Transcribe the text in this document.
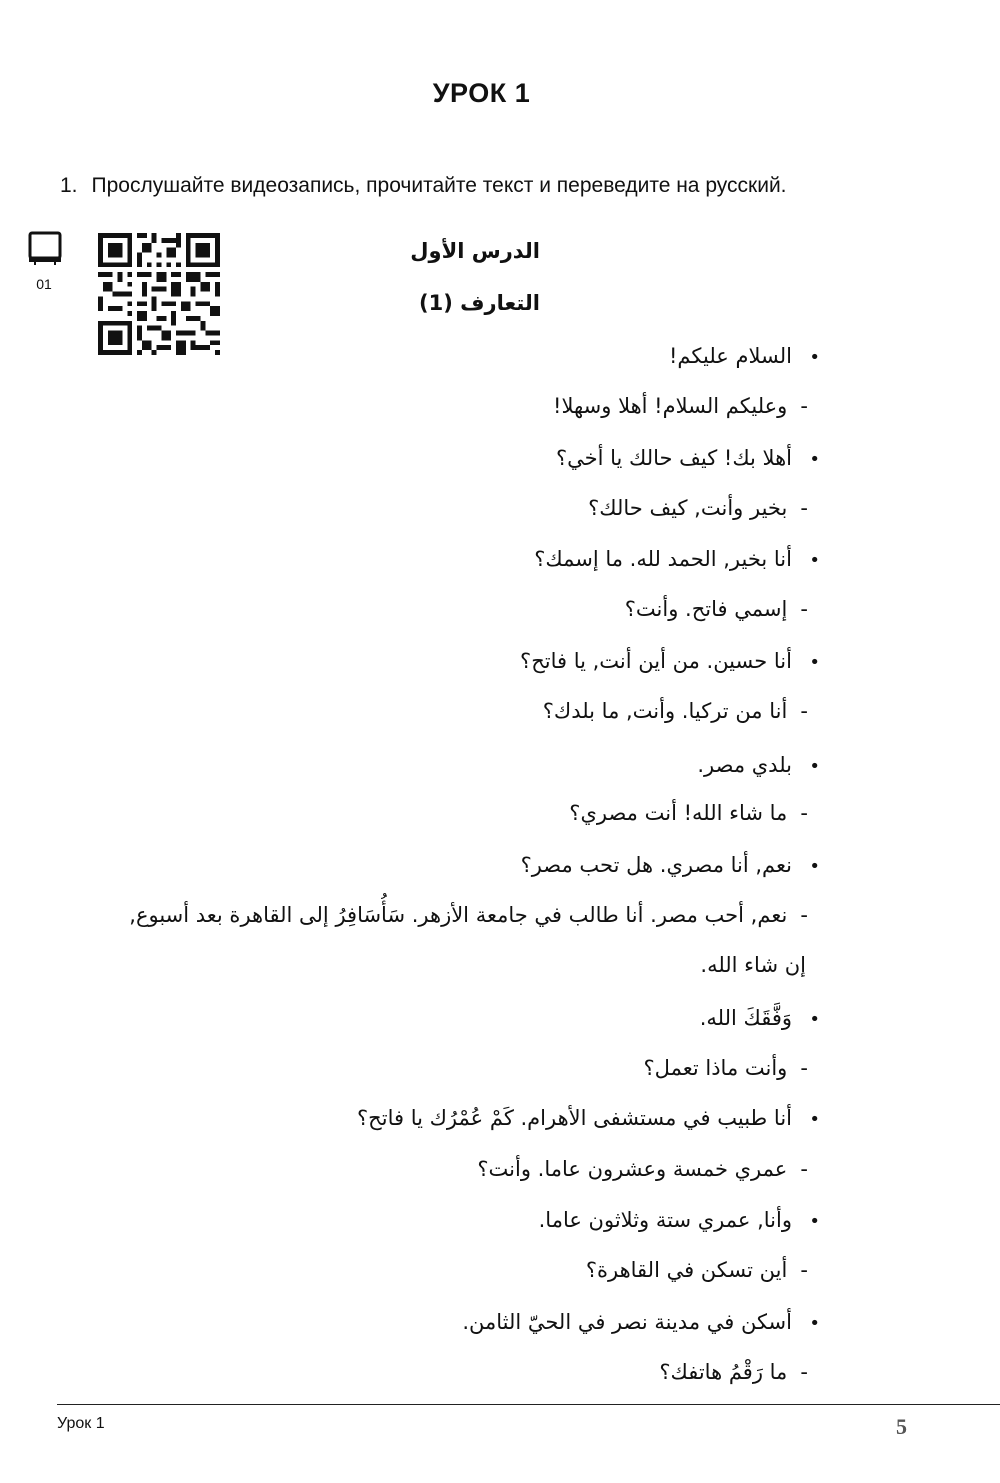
УРОК 1
1. Прослушайте видеозапись, прочитайте текст и переведите на русский.
01
الدرس الأول
التعارف (1)
•السلام عليكم!
- وعليكم السلام! أهلا وسهلا!
•أهلا بك! كيف حالك يا أخي؟
- بخير وأنت, كيف حالك؟
•أنا بخير, الحمد لله. ما إسمك؟
- إسمي فاتح. وأنت؟
•أنا حسين. من أين أنت, يا فاتح؟
- أنا من تركيا. وأنت, ما بلدك؟
•بلدي مصر.
- ما شاء الله! أنت مصري؟
•نعم, أنا مصري. هل تحب مصر؟
- نعم, أحب مصر. أنا طالب في جامعة الأزهر. سَأُسَافِرُ إلى القاهرة بعد أسبوع,
إن شاء الله.
•وَفَّقَكَ الله.
- وأنت ماذا تعمل؟
•أنا طبيب في مستشفى الأهرام. كَمْ عُمْرُك يا فاتح؟
- عمري خمسة وعشرون عاما. وأنت؟
•وأنا, عمري ستة وثلاثون عاما.
- أين تسكن في القاهرة؟
•أسكن في مدينة نصر في الحيّ الثامن.
- ما رَقْمُ هاتفك؟
Урок 1	5
